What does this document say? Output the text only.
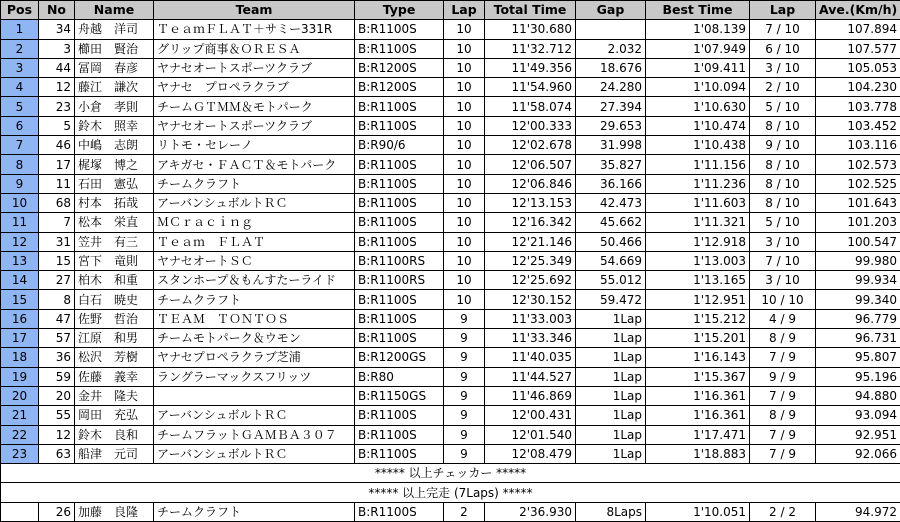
Pos	No	Name	Team	Type	Lap	Total Time	Gap	Best Time	Lap	Ave.(Km/h)
1	34	舟越　洋司	ＴｅａｍＦＬＡＴ＋サミー331R	B:R1100S	10	11'30.680		1'08.139	7 / 10	107.894
2	3	櫛田　賢治	グリップ商事＆ＯＲＥＳＡ	B:R1100S	10	11'32.712	2.032	1'07.949	6 / 10	107.577
3	44	冨岡　春彦	ヤナセオートスポーツクラブ	B:R1200S	10	11'49.356	18.676	1'09.411	3 / 10	105.053
4	12	藤江　謙次	ヤナセ　プロペラクラブ	B:R1200S	10	11'54.960	24.280	1'10.094	2 / 10	104.230
5	23	小倉　孝則	チームＧＴＭＭ＆モトパーク	B:R1100S	10	11'58.074	27.394	1'10.630	5 / 10	103.778
6	5	鈴木　照幸	ヤナセオートスポーツクラブ	B:R1100S	10	12'00.333	29.653	1'10.474	8 / 10	103.452
7	46	中嶋　志朗	リトモ・セレーノ	B:R90/6	10	12'02.678	31.998	1'10.438	9 / 10	103.116
8	17	梶塚　博之	アキガセ・ＦＡＣＴ＆モトパーク	B:R1100S	10	12'06.507	35.827	1'11.156	8 / 10	102.573
9	11	石田　憲弘	チームクラフト	B:R1100S	10	12'06.846	36.166	1'11.236	8 / 10	102.525
10	68	村本　拓哉	アーバンシュボルトＲＣ	B:R1100S	10	12'13.153	42.473	1'11.603	8 / 10	101.643
11	7	松本　栄直	ＭＣｒａｃｉｎｇ	B:R1100S	10	12'16.342	45.662	1'11.321	5 / 10	101.203
12	31	笠井　有三	Ｔｅａｍ　ＦＬＡＴ	B:R1100S	10	12'21.146	50.466	1'12.918	3 / 10	100.547
13	15	宮下　竜則	ヤナセオートＳＣ	B:R1100RS	10	12'25.349	54.669	1'13.003	7 / 10	99.980
14	27	柏木　和重	スタンホープ＆もんすたーライド	B:R1100RS	10	12'25.692	55.012	1'13.165	3 / 10	99.934
15	8	白石　暁史	チームクラフト	B:R1100S	10	12'30.152	59.472	1'12.951	10 / 10	99.340
16	47	佐野　哲治	ＴＥＡＭ　ＴＯＮＴＯＳ	B:R1100S	9	11'33.003	1Lap	1'15.212	4 / 9	96.779
17	57	江原　和男	チームモトパーク＆ウモン	B:R1100S	9	11'33.346	1Lap	1'15.201	8 / 9	96.731
18	36	松沢　芳樹	ヤナセプロペラクラブ芝浦	B:R1200GS	9	11'40.035	1Lap	1'16.143	7 / 9	95.807
19	59	佐藤　義幸	ラングラーマックスフリッツ	B:R80	9	11'44.527	1Lap	1'15.367	9 / 9	95.196
20	20	金井　隆夫		B:R1150GS	9	11'46.869	1Lap	1'16.361	7 / 9	94.880
21	55	岡田　充弘	アーバンシュボルトＲＣ	B:R1100S	9	12'00.431	1Lap	1'16.361	8 / 9	93.094
22	12	鈴木　良和	チームフラットＧＡＭＢＡ３０７	B:R1100S	9	12'01.540	1Lap	1'17.471	7 / 9	92.951
23	63	船津　元司	アーバンシュボルトＲＣ	B:R1100S	9	12'08.479	1Lap	1'18.883	7 / 9	92.066
***** 以上チェッカー *****										
***** 以上完走 (7Laps) *****										
	26	加藤　良隆	チームクラフト	B:R1100S	2	2'36.930	8Laps	1'10.051	2 / 2	94.972
